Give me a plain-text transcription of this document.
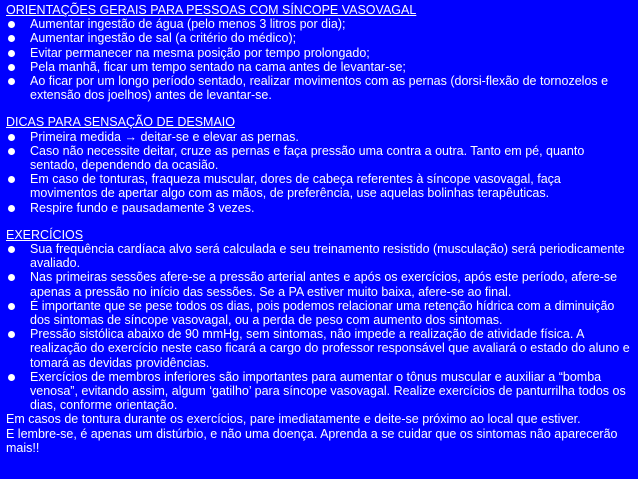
ORIENTAÇÕES GERAIS PARA PESSOAS COM SÍNCOPE VASOVAGAL
Aumentar ingestão de água (pelo menos 3 litros por dia);
Aumentar ingestão de sal (a critério do médico);
Evitar permanecer na mesma posição por tempo prolongado;
Pela manhã, ficar um tempo sentado na cama antes de levantar-se;
Ao ficar por um longo período sentado, realizar movimentos com as pernas (dorsi-flexão de tornozelos e extensão dos joelhos) antes de levantar-se.
DICAS PARA SENSAÇÃO DE DESMAIO
Primeira medida → deitar-se e elevar as pernas.
Caso não necessite deitar, cruze as pernas e faça pressão uma contra a outra. Tanto em pé, quanto sentado, dependendo da ocasião.
Em caso de tonturas, fraqueza muscular, dores de cabeça referentes à síncope vasovagal, faça movimentos de apertar algo com as mãos, de preferência, use aquelas bolinhas terapêuticas.
Respire fundo e pausadamente 3 vezes.
EXERCÍCIOS
Sua frequência cardíaca alvo será calculada e seu treinamento resistido (musculação) será periodicamente avaliado.
Nas primeiras sessões afere-se a pressão arterial antes e após os exercícios, após este período, afere-se apenas a pressão no início das sessões. Se a PA estiver muito baixa, afere-se ao final.
É importante que se pese todos os dias, pois podemos relacionar uma retenção hídrica com a diminuição dos sintomas de síncope vasovagal, ou a perda de peso com aumento dos sintomas.
Pressão sistólica abaixo de 90 mmHg, sem sintomas, não impede a realização de atividade física. A realização do exercício neste caso ficará a cargo do professor responsável que avaliará o estado do aluno e tomará as devidas providências.
Exercícios de membros inferiores são importantes para aumentar o tônus muscular e auxiliar a “bomba venosa”, evitando assim, algum ‘gatilho’ para síncope vasovagal. Realize exercícios de panturrilha todos os dias, conforme orientação.
Em casos de tontura durante os exercícios, pare imediatamente e deite-se próximo ao local que estiver.
E lembre-se, é apenas um distúrbio, e não uma doença. Aprenda a se cuidar que os sintomas não aparecerão mais!!
